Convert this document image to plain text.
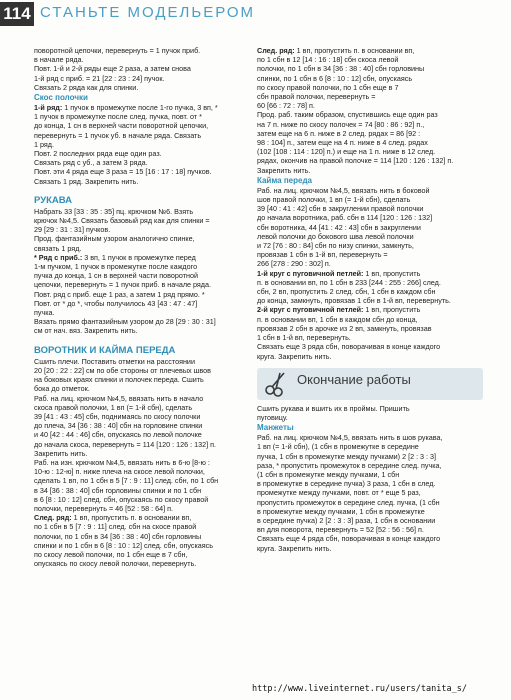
114 СТАНЬТЕ МОДЕЛЬЕРОМ

поворотной цепочки, перевернуть = 1 пучок приб.

в начале ряда.

Повт. 1-й и 2-й ряды еще 2 раза, а затем снова

1-й ряд с приб. = 21 [22 : 23 : 24] пучок.

Связать 2 ряда как для спинки.

Скос полочки

1-й ряд: 1 пучок в промежутке после 1-го пучка, 3 вп, *

1 пучок в промежутке после след. пучка, повт. от *

до конца, 1 сн в верхней части поворотной цепочки,

перевернуть = 1 пучок уб. в начале ряда. Связать

1 ряд.

Повт. 2 последних ряда еще один раз.

Связать ряд с уб., а затем 3 ряда.

Повт. эти 4 ряда еще 3 раза = 15 [16 : 17 : 18] пучков.

Связать 1 ряд. Закрепить нить.

РУКАВА

Набрать 33 [33 : 35 : 35] пц. крючком №6. Взять

крючок №4,5. Связать базовый ряд как для спинки =

29 [29 : 31 : 31] пучков.

Прод. фантазийным узором аналогично спинке,

связать 1 ряд.

* Ряд с приб.: 3 вп, 1 пучок в промежутке перед

1-м пучком, 1 пучок в промежутке после каждого

пучка до конца, 1 сн в верхней части поворотной

цепочки, перевернуть = 1 пучок приб. в начале ряда.

Повт. ряд с приб. еще 1 раз, а затем 1 ряд прямо. *

Повт. от * до *, чтобы получилось 43 [43 : 47 : 47]

пучка.

Вязать прямо фантазийным узором до 28 [29 : 30 : 31]

см от нач. вяз. Закрепить нить.

ВОРОТНИК И КАЙМА ПЕРЕДА

Сшить плечи. Поставить отметки на расстоянии

20 [20 : 22 : 22] см по обе стороны от плечевых швов

на боковых краях спинки и полочек переда. Сшить

бока до отметок.

Раб. на лиц. крючком №4,5, ввязать нить в начало

скоса правой полочки, 1 вп (= 1-й сбн), сделать

39 [41 : 43 : 45] сбн, поднимаясь по скосу полочки

до плеча, 34 [36 : 38 : 40] сбн на горловине спинки

и 40 [42 : 44 : 46] сбн, опускаясь по левой полочке

до начала скоса, перевернуть = 114 [120 : 126 : 132] п.

Закрепить нить.

Раб. на изн. крючком №4,5, ввязать нить в 6-ю [8-ю :

10-ю : 12-ю] п. ниже плеча на скосе левой полочки,

сделать 1 вп, по 1 сбн в 5 [7 : 9 : 11] след. сбн, по 1 сбн

в 34 [36 : 38 : 40] сбн горловины спинки и по 1 сбн

в 6 [8 : 10 : 12] след. сбн, опускаясь по скосу правой

полочки, перевернуть = 46 [52 : 58 : 64] п.

След. ряд: 1 вп, пропустить п. в основании вп,

по 1 сбн в 5 [7 : 9 : 11] след. сбн на скосе правой

полочки, по 1 сбн в 34 [36 : 38 : 40] сбн горловины

спинки и по 1 сбн в 6 [8 : 10 : 12] след. сбн, опускаясь

по скосу левой полочки, по 1 сбн еще в 7 сбн,

опускаясь по скосу левой полочки, перевернуть.

След. ряд: 1 вп, пропустить п. в основании вп,

по 1 сбн в 12 [14 : 16 : 18] сбн скоса левой

полочки, по 1 сбн в 34 [36 : 38 : 40] сбн горловины

спинки, по 1 сбн в 6 [8 : 10 : 12] сбн, опускаясь

по скосу правой полочки, по 1 сбн еще в 7

сбн правой полочки, перевернуть =

60 [66 : 72 : 78] п.

Прод. раб. таким образом, спустившись еще один раз

на 7 п. ниже по скосу полочек = 74 [80 : 86 : 92] п.,

затем еще на 6 п. ниже в 2 след. рядах = 86 [92 :

98 : 104] п., затем еще на 4 п. ниже в 4 след. рядах

(102 [108 : 114 : 120] п.) и еще на 1 п. ниже в 12 след.

рядах, окончив на правой полочке = 114 [120 : 126 : 132] п.

Закрепить нить.

Кайма переда

Раб. на лиц. крючком №4,5, ввязать нить в боковой

шов правой полочки, 1 вп (= 1-й сбн), сделать

39 [40 : 41 : 42] сбн в закруглении правой полочки

до начала воротника, раб. сбн в 114 [120 : 126 : 132]

сбн воротника, 44 [41 : 42 : 43] сбн в закруглении

левой полочки до бокового шва левой полочки

и 72 [76 : 80 : 84] сбн по низу спинки, замкнуть,

провязав 1 сбн в 1-й вп, перевернуть =

266 [278 : 290 : 302] п.

1-й круг с пуговичной петлей: 1 вп, пропустить

п. в основании вп, по 1 сбн в 233 [244 : 255 : 266] след.

сбн, 2 вп, пропустить 2 след. сбн, 1 сбн в каждом сбн

до конца, замкнуть, провязав 1 сбн в 1-й вп, перевернуть.

2-й круг с пуговичной петлей: 1 вп, пропустить

п. в основании вп, 1 сбн в каждом сбн до конца,

провязав 2 сбн в арочке из 2 вп, замкнуть, провязав

1 сбн в 1-й вп, перевернуть.

Связать еще 3 ряда сбн, поворачивая в конце каждого

круга. Закрепить нить.

Окончание работы

Сшить рукава и вшить их в проймы. Пришить

пуговицу.

Манжеты

Раб. на лиц. крючком №4,5, ввязать нить в шов рукава,

1 вп (= 1-й сбн), (1 сбн в промежутке в середине

пучка, 1 сбн в промежутке между пучками) 2 [2 : 3 : 3]

раза, * пропустить промежуток в середине след. пучка,

(1 сбн в промежутке между пучками, 1 сбн

в промежутке в середине пучка) 3 раза, 1 сбн в след.

промежутке между пучками, повт. от * еще 5 раз,

пропустить промежуток в середине след. пучка, (1 сбн

в промежутке между пучками, 1 сбн в промежутке

в середине пучка) 2 [2 : 3 : 3] раза, 1 сбн в основании

вп для поворота, перевернуть = 52 [52 : 56 : 56] п.

Связать еще 4 ряда сбн, поворачивая в конце каждого

круга. Закрепить нить.

http://www.liveinternet.ru/users/tanita_s/
